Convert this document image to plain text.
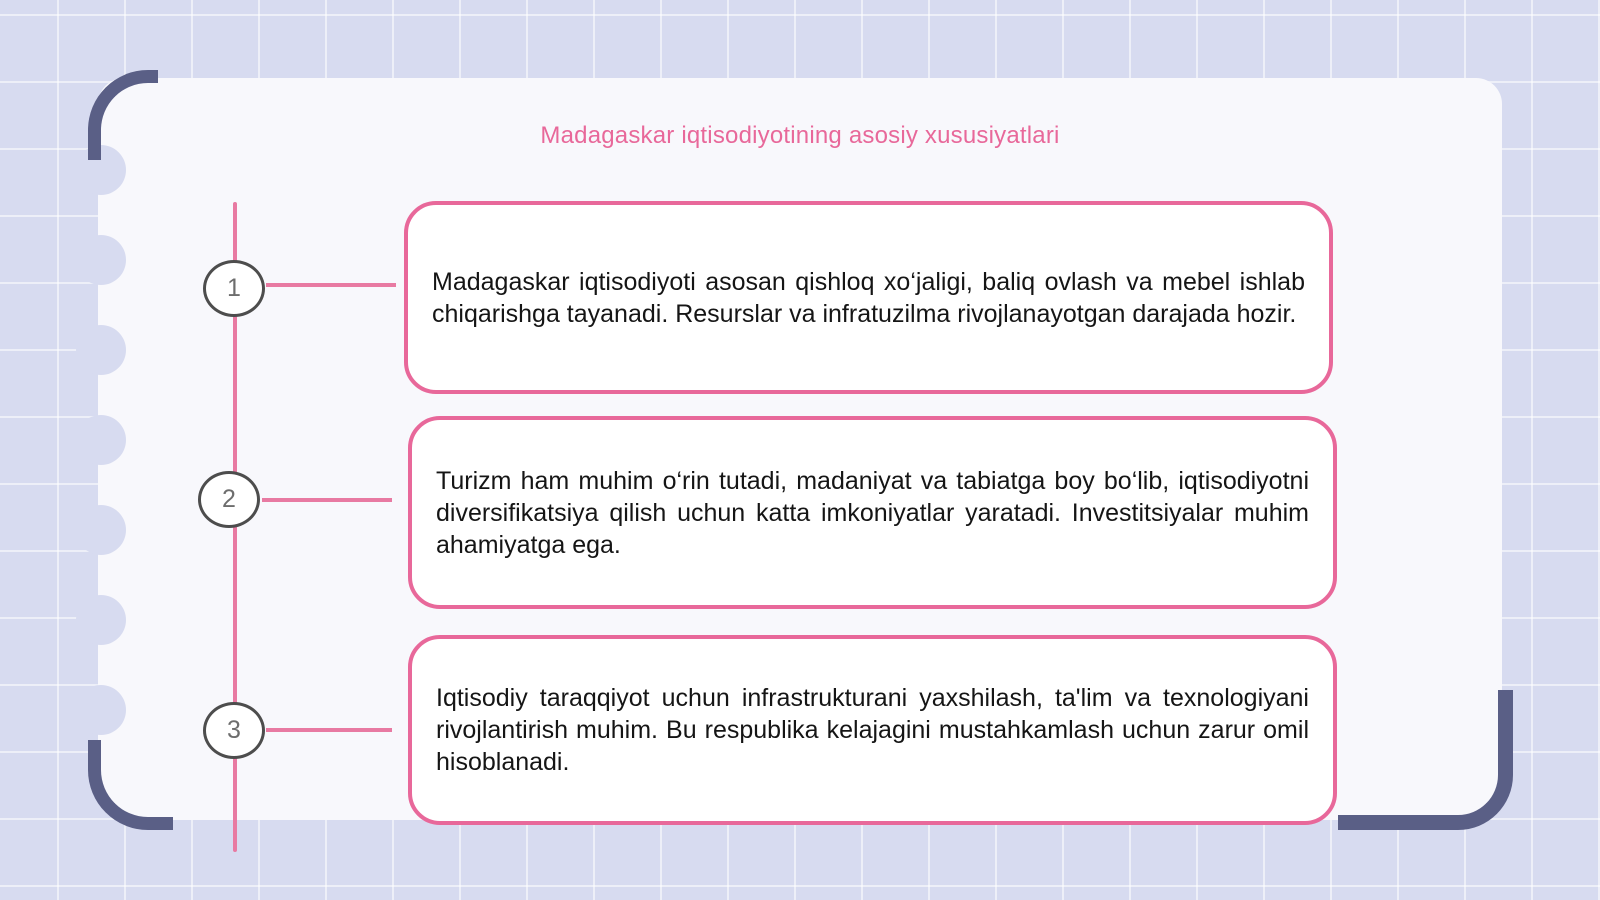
Madagaskar iqtisodiyotining asosiy xususiyatlari
1
2
3

Madagaskar iqtisodiyoti asosan qishloq xo‘jaligi, baliq ovlash va mebel ishlab chiqarishga tayanadi. Resurslar va infratuzilma rivojlanayotgan darajada hozir.

Turizm ham muhim o‘rin tutadi, madaniyat va tabiatga boy bo‘lib, iqtisodiyotni diversifikatsiya qilish uchun katta imkoniyatlar yaratadi. Investitsiyalar muhim ahamiyatga ega.

Iqtisodiy taraqqiyot uchun infrastrukturani yaxshilash, ta'lim va texnologiyani rivojlantirish muhim. Bu respublika kelajagini mustahkamlash uchun zarur omil hisoblanadi.
